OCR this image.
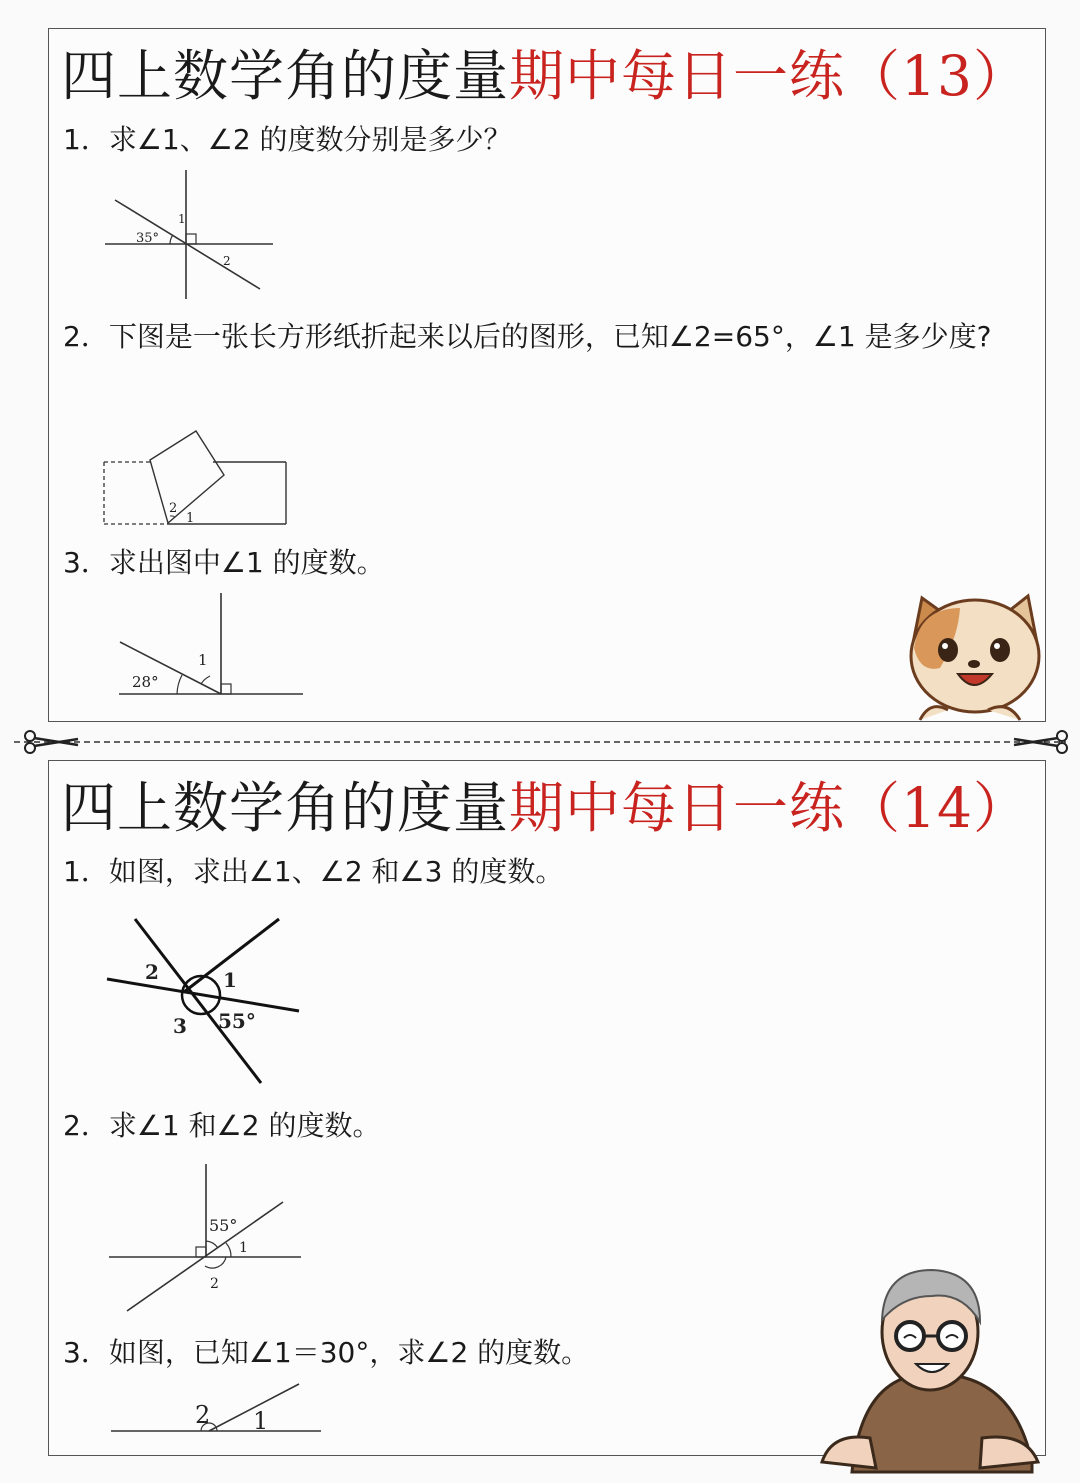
四上数学角的度量期中每日一练（13）

1．求∠1、∠2 的度数分别是多少？

35°
1
2

2．下图是一张长方形纸折起来以后的图形，已知∠2=65°，∠1 是多少度?

2
1

3．求出图中∠1 的度数。

28°
1
四上数学角的度量期中每日一练（14）

1．如图，求出∠1、∠2 和∠3 的度数。

2	1
3 55°

2．求∠1 和∠2 的度数。

55°
1
2

3．如图，已知∠1＝30°，求∠2 的度数。

2 1
